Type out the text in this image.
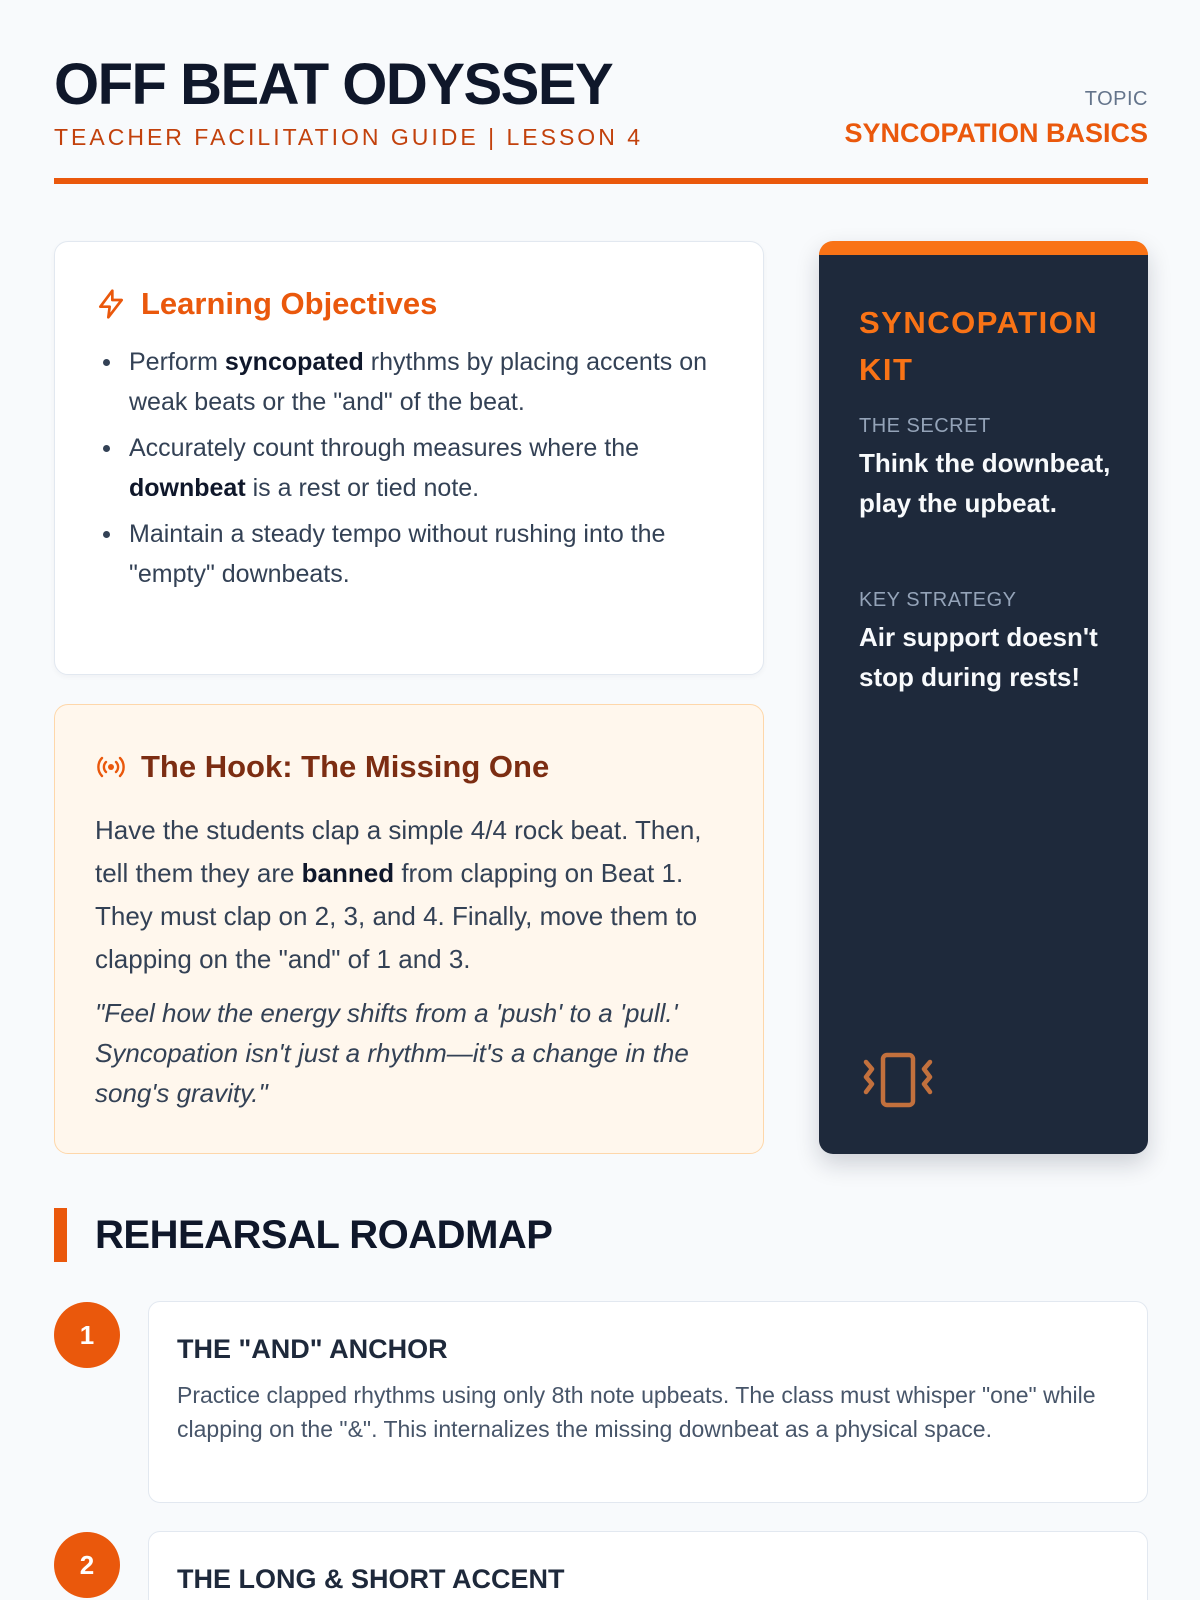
OFF BEAT ODYSSEY
TEACHER FACILITATION GUIDE | LESSON 4
TOPIC
SYNCOPATION BASICS
Learning Objectives
Perform syncopated rhythms by placing accents on weak beats or the "and" of the beat.
Accurately count through measures where the downbeat is a rest or tied note.
Maintain a steady tempo without rushing into the "empty" downbeats.
The Hook: The Missing One

Have the students clap a simple 4/4 rock beat. Then, tell them they are banned from clapping on Beat 1. They must clap on 2, 3, and 4. Finally, move them to clapping on the "and" of 1 and 3.

"Feel how the energy shifts from a 'push' to a 'pull.' Syncopation isn't just a rhythm—it's a change in the song's gravity."

SYNCOPATION KIT
THE SECRET
Think the downbeat, play the upbeat.
KEY STRATEGY
Air support doesn't stop during rests!
REHEARSAL ROADMAP
1	THE "AND" ANCHOR
Practice clapped rhythms using only 8th note upbeats. The class must whisper "one" while clapping on the "&". This internalizes the missing downbeat as a physical space.
2	THE LONG & SHORT ACCENT
